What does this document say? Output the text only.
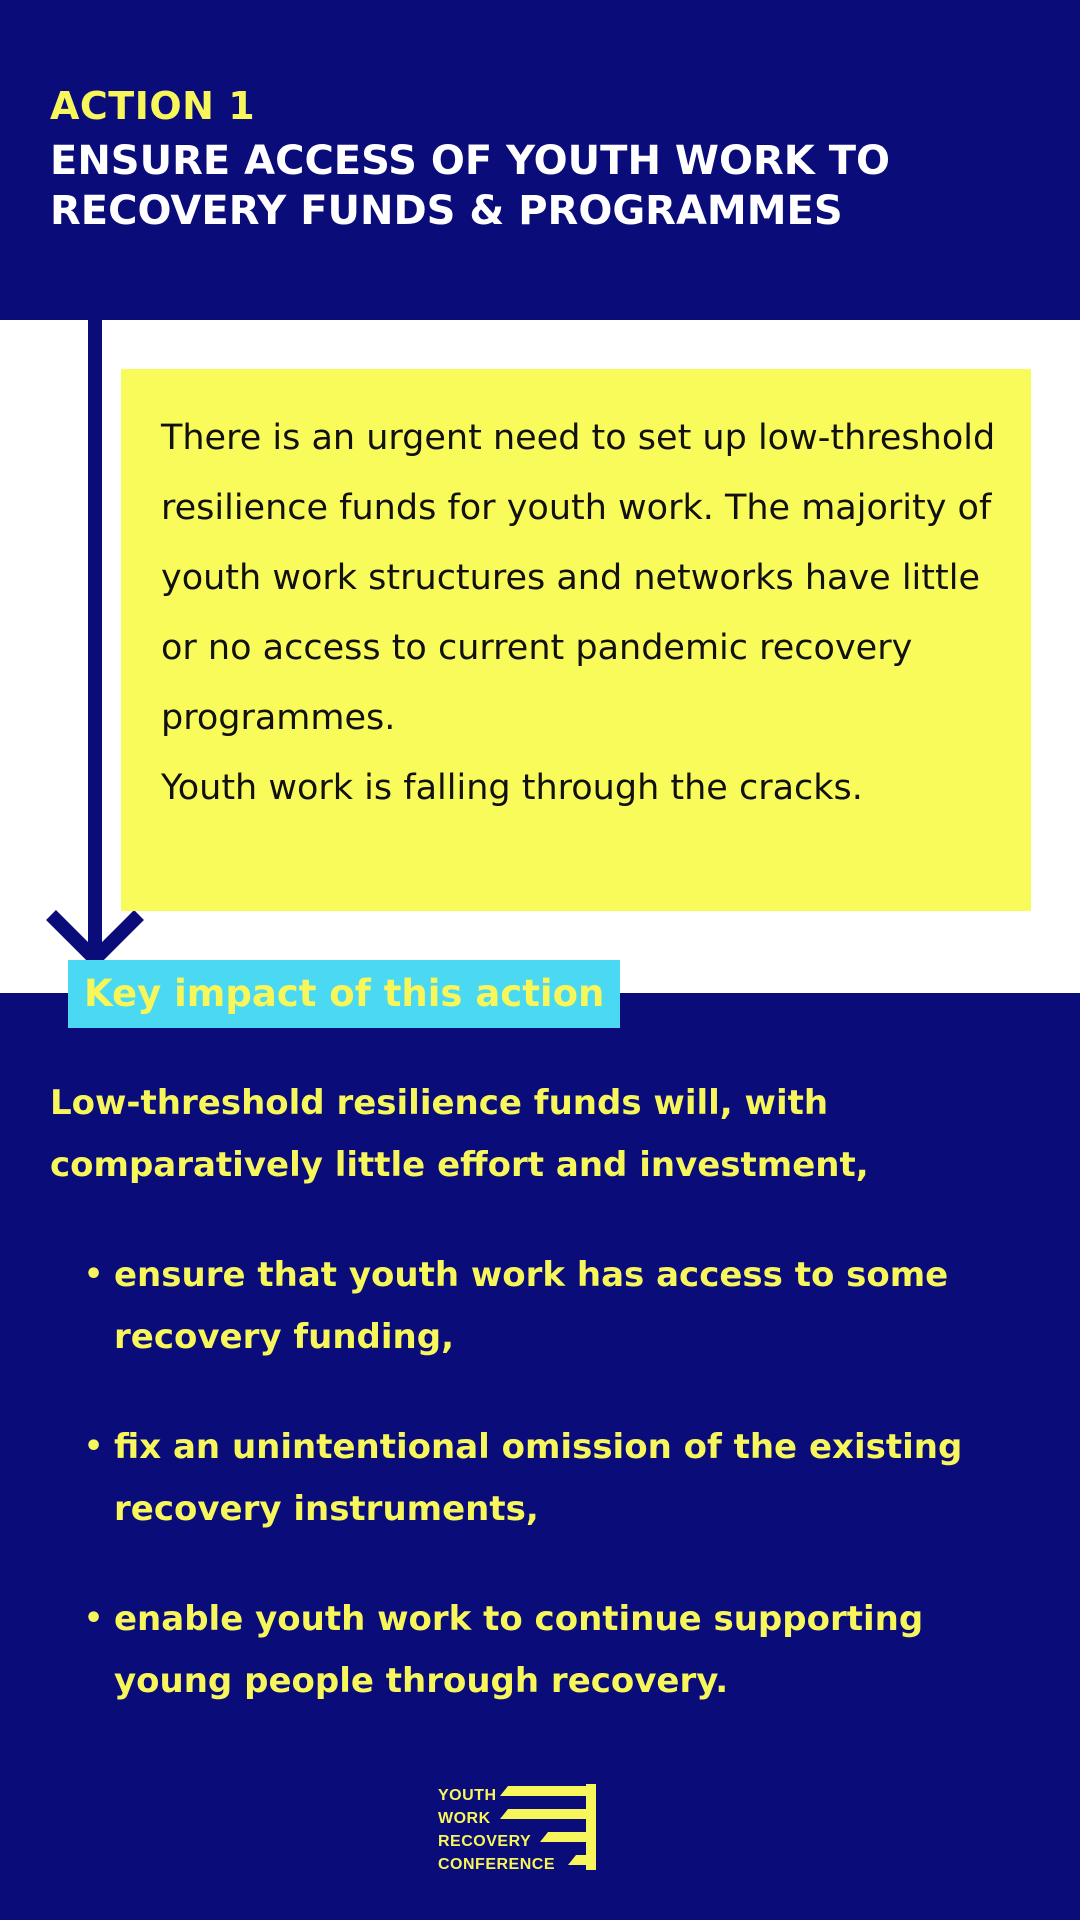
ACTION 1
ENSURE ACCESS OF YOUTH WORK TO RECOVERY FUNDS & PROGRAMMES

There is an urgent need to set up low-threshold resilience funds for youth work. The majority of youth work structures and networks have little or no access to current pandemic recovery programmes.

Youth work is falling through the cracks.

Key impact of this action
Low-threshold resilience funds will, with comparatively little effort and investment,
• ensure that youth work has access to some recovery funding,
• fix an unintentional omission of the existing recovery instruments,
• enable youth work to continue supporting young people through recovery.
YOUTH
WORK
RECOVERY
CONFERENCE
